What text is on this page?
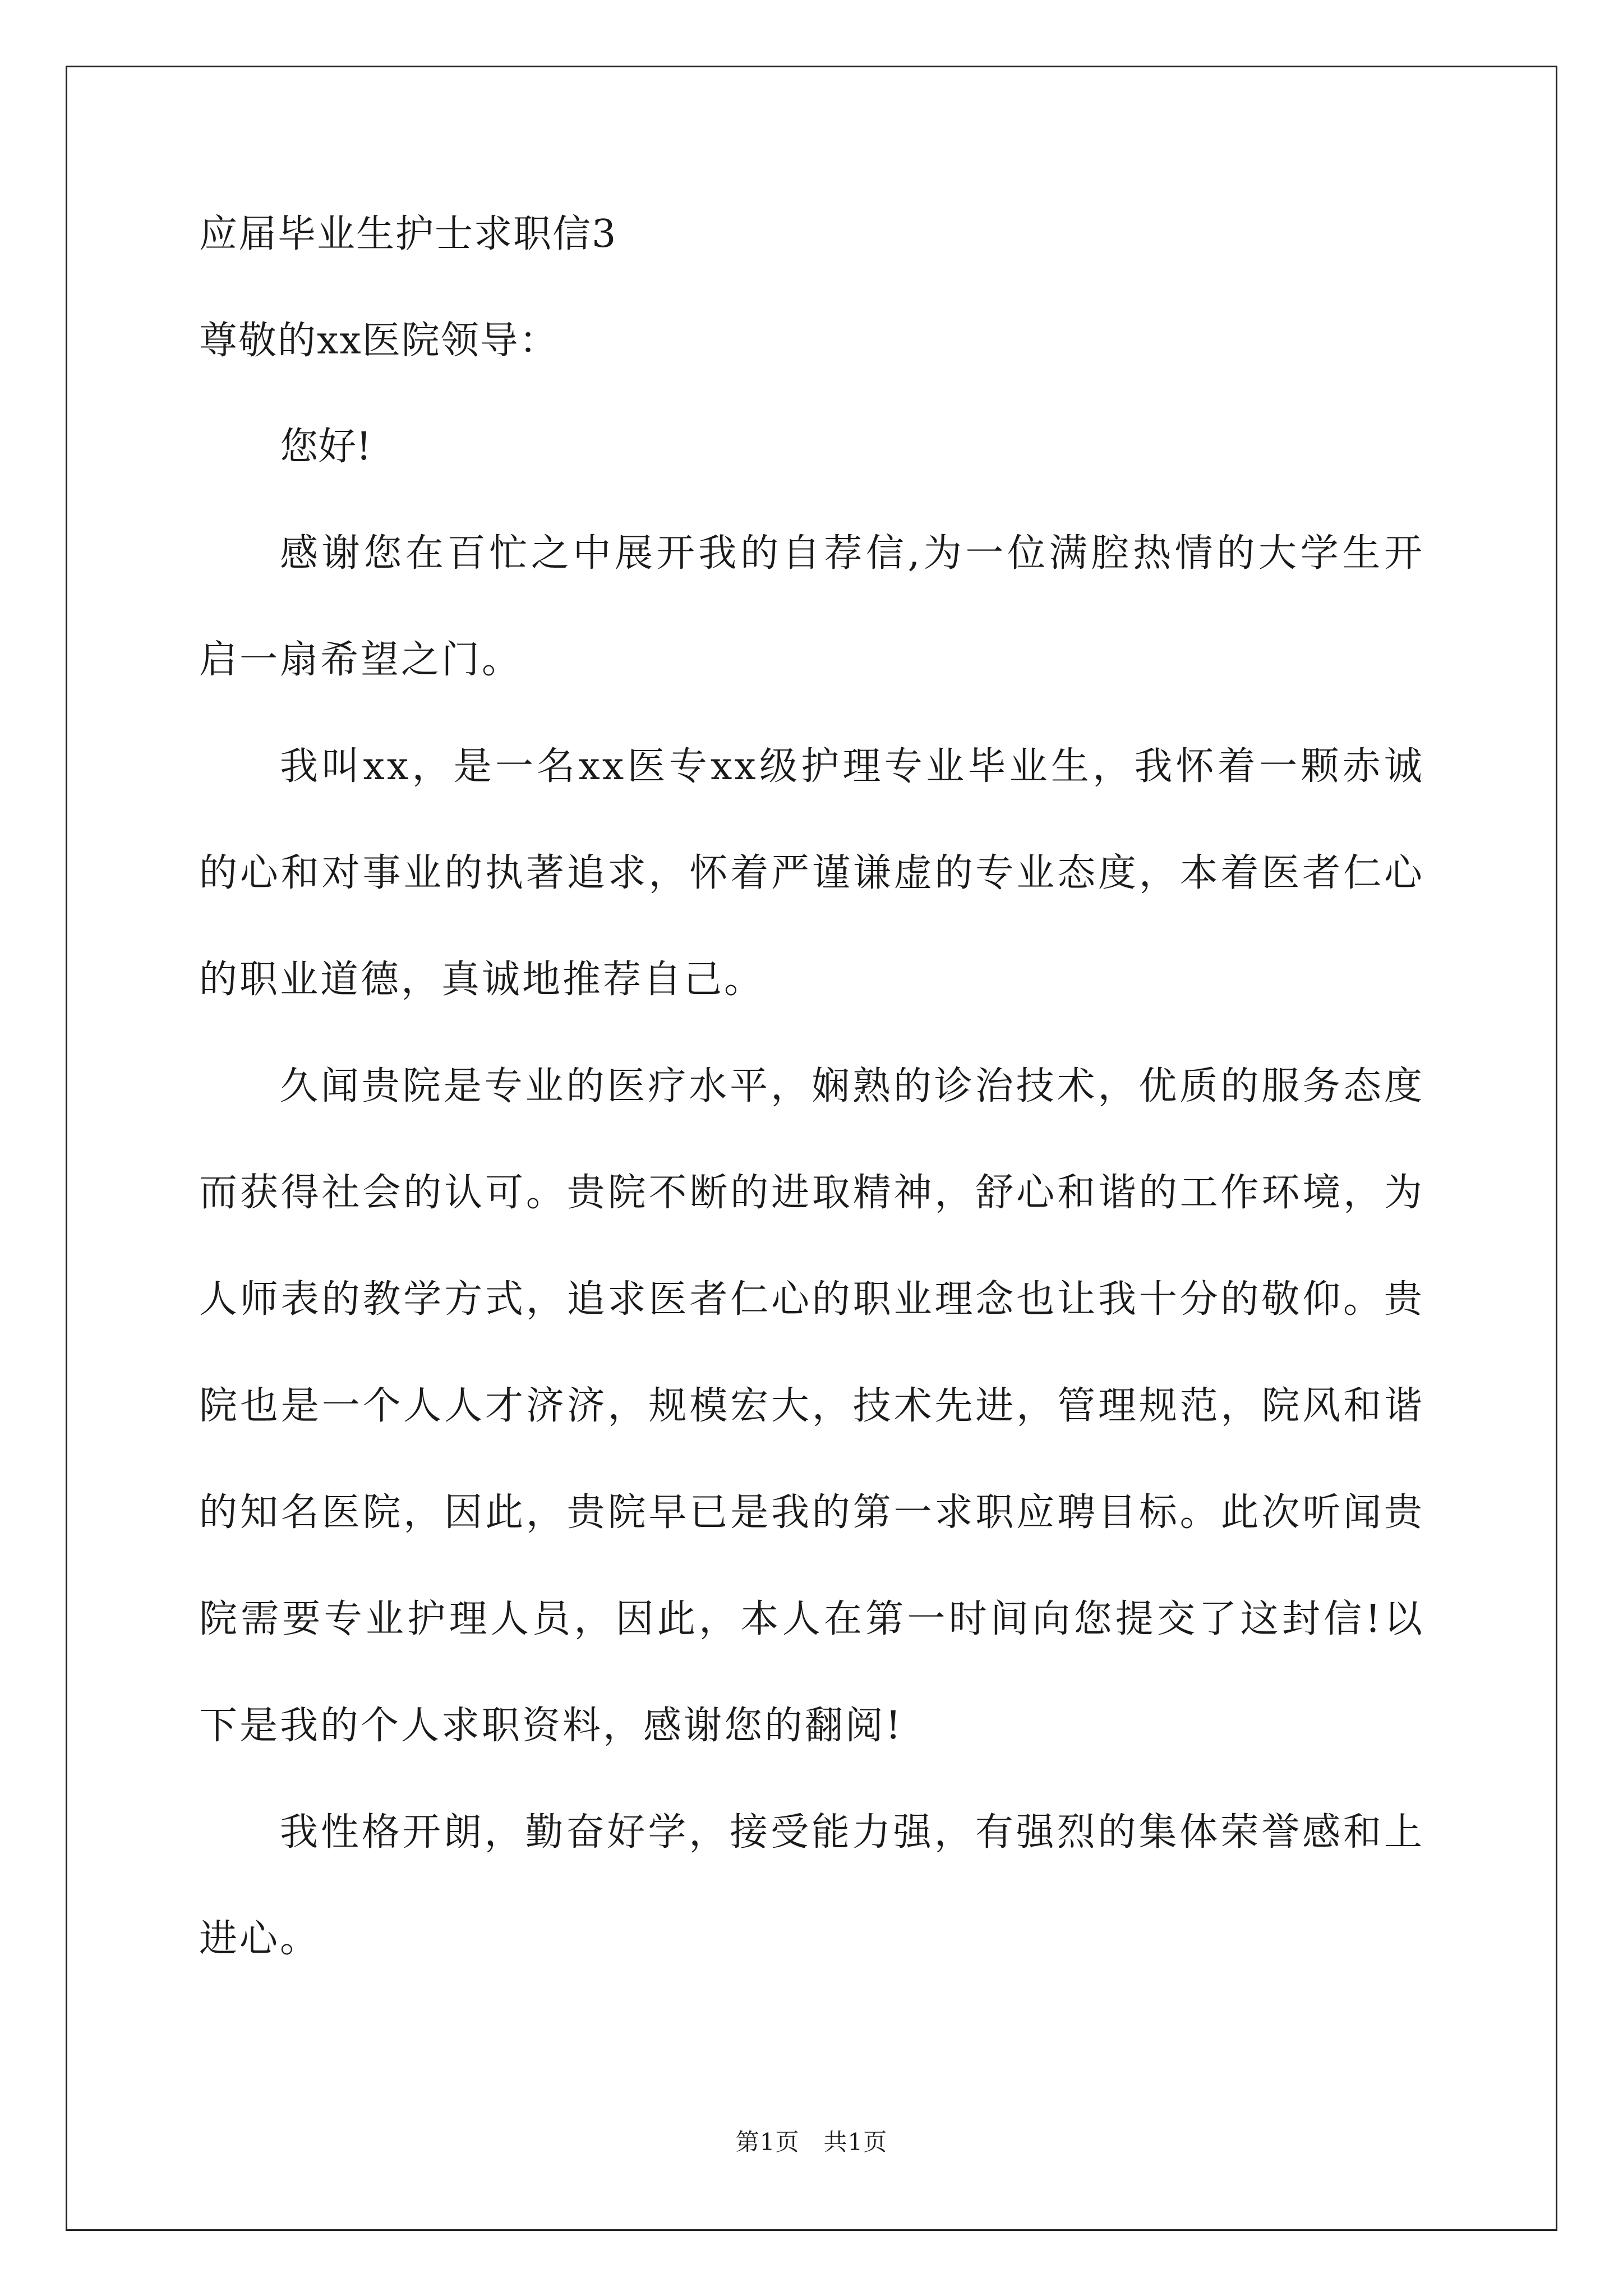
应届毕业生护士求职信3

尊敬的xx医院领导：

您好!

感谢您在百忙之中展开我的自荐信,为一位满腔热情的大学生开启一扇希望之门。

我叫xx，是一名xx医专xx级护理专业毕业生，我怀着一颗赤诚的心和对事业的执著追求，怀着严谨谦虚的专业态度，本着医者仁心的职业道德，真诚地推荐自己。

久闻贵院是专业的医疗水平，娴熟的诊治技术，优质的服务态度而获得社会的认可。贵院不断的进取精神，舒心和谐的工作环境，为人师表的教学方式，追求医者仁心的职业理念也让我十分的敬仰。贵院也是一个人人才济济，规模宏大，技术先进，管理规范，院风和谐的知名医院，因此，贵院早已是我的第一求职应聘目标。此次听闻贵院需要专业护理人员，因此，本人在第一时间向您提交了这封信!以下是我的个人求职资料，感谢您的翻阅!

我性格开朗，勤奋好学，接受能力强，有强烈的集体荣誉感和上进心。

第1页   共1页
